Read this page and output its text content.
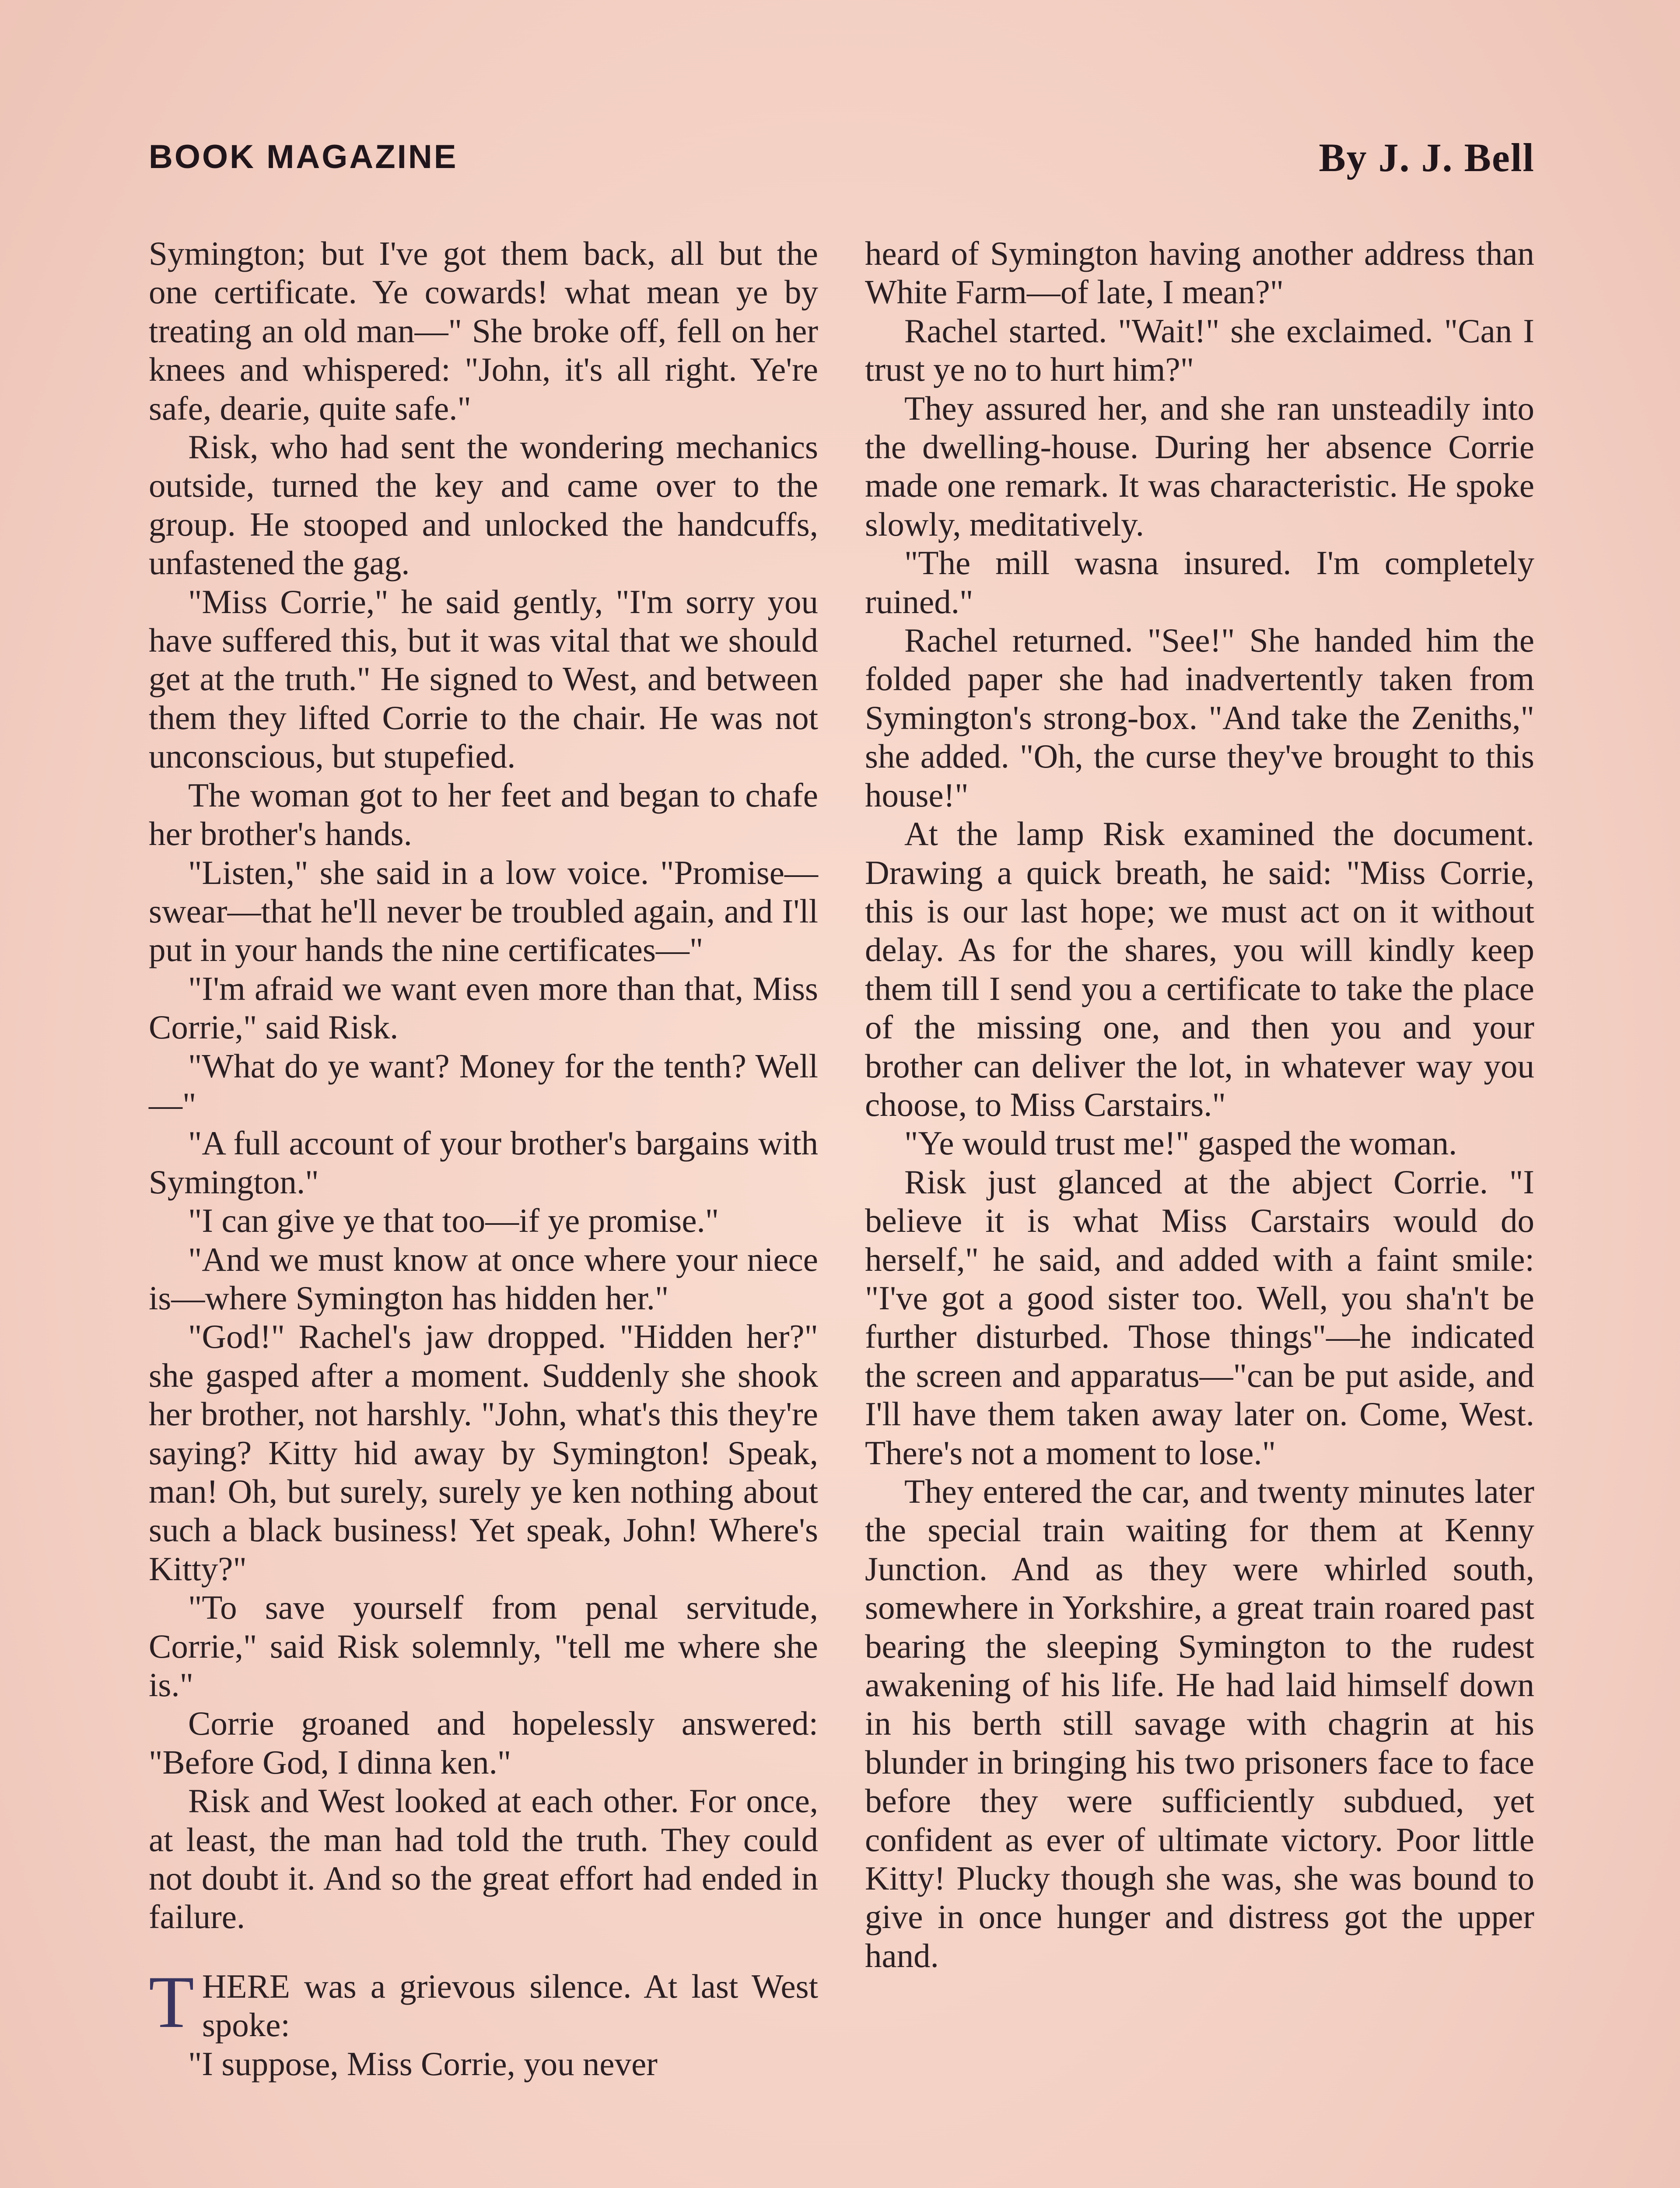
BOOK MAGAZINE	By J. J. Bell

Symington; but I've got them back, all but the one certificate. Ye cowards! what mean ye by treating an old man—" She broke off, fell on her knees and whispered: "John, it's all right. Ye're safe, dearie, quite safe."

Risk, who had sent the wondering mechanics outside, turned the key and came over to the group. He stooped and unlocked the handcuffs, unfastened the gag.

"Miss Corrie," he said gently, "I'm sorry you have suffered this, but it was vital that we should get at the truth." He signed to West, and between them they lifted Corrie to the chair. He was not unconscious, but stupefied.

The woman got to her feet and began to chafe her brother's hands.

"Listen," she said in a low voice. "Promise—swear—that he'll never be troubled again, and I'll put in your hands the nine certificates—"

"I'm afraid we want even more than that, Miss Corrie," said Risk.

"What do ye want? Money for the tenth? Well—"

"A full account of your brother's bargains with Symington."

"I can give ye that too—if ye promise."

"And we must know at once where your niece is—where Symington has hidden her."

"God!" Rachel's jaw dropped. "Hidden her?" she gasped after a moment. Suddenly she shook her brother, not harshly. "John, what's this they're saying? Kitty hid away by Symington! Speak, man! Oh, but surely, surely ye ken nothing about such a black business! Yet speak, John! Where's Kitty?"

"To save yourself from penal servitude, Corrie," said Risk solemnly, "tell me where she is."

Corrie groaned and hopelessly answered: "Before God, I dinna ken."

Risk and West looked at each other. For once, at least, the man had told the truth. They could not doubt it. And so the great effort had ended in failure.

THERE was a grievous silence. At last West spoke:

"I suppose, Miss Corrie, you never

heard of Symington having another address than White Farm—of late, I mean?"

Rachel started. "Wait!" she exclaimed. "Can I trust ye no to hurt him?"

They assured her, and she ran unsteadily into the dwelling-house. During her absence Corrie made one remark. It was characteristic. He spoke slowly, meditatively.

"The mill wasna insured. I'm completely ruined."

Rachel returned. "See!" She handed him the folded paper she had inadvertently taken from Symington's strong-box. "And take the Zeniths," she added. "Oh, the curse they've brought to this house!"

At the lamp Risk examined the document. Drawing a quick breath, he said: "Miss Corrie, this is our last hope; we must act on it without delay. As for the shares, you will kindly keep them till I send you a certificate to take the place of the missing one, and then you and your brother can deliver the lot, in whatever way you choose, to Miss Carstairs."

"Ye would trust me!" gasped the woman.

Risk just glanced at the abject Corrie. "I believe it is what Miss Carstairs would do herself," he said, and added with a faint smile: "I've got a good sister too. Well, you sha'n't be further disturbed. Those things"—he indicated the screen and apparatus—"can be put aside, and I'll have them taken away later on. Come, West. There's not a moment to lose."

They entered the car, and twenty minutes later the special train waiting for them at Kenny Junction. And as they were whirled south, somewhere in Yorkshire, a great train roared past bearing the sleeping Symington to the rudest awakening of his life. He had laid himself down in his berth still savage with chagrin at his blunder in bringing his two prisoners face to face before they were sufficiently subdued, yet confident as ever of ultimate victory. Poor little Kitty! Plucky though she was, she was bound to give in once hunger and distress got the upper hand.
